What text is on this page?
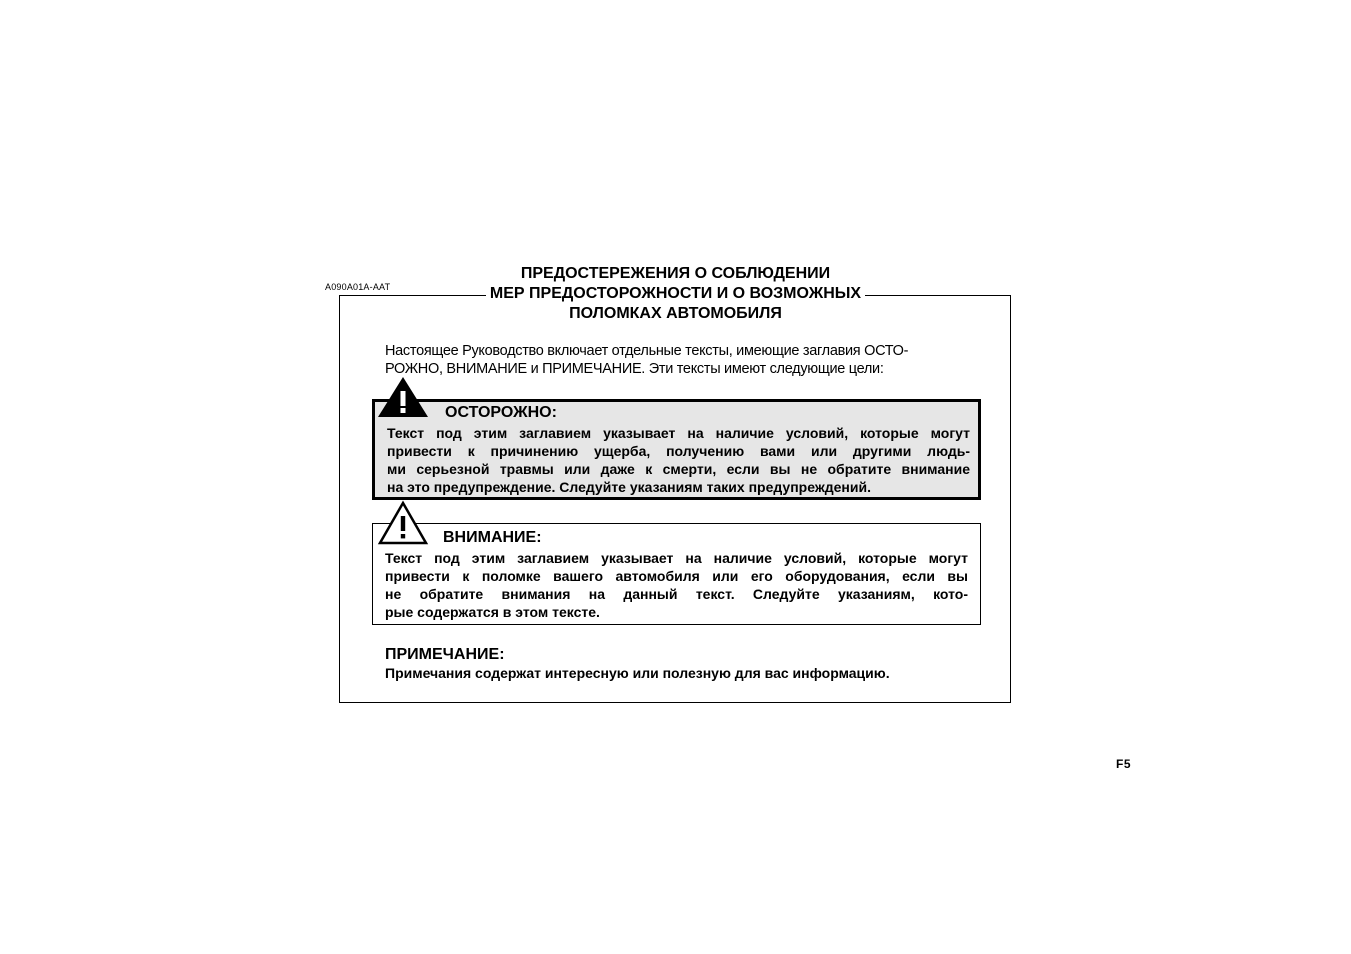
A090A01A-AAT
ПРЕДОСТЕРЕЖЕНИЯ О СОБЛЮДЕНИИ
МЕР ПРЕДОСТОРОЖНОСТИ И О ВОЗМОЖНЫХ
ПОЛОМКАХ АВТОМОБИЛЯ
Настоящее Руководство включает отдельные тексты, имеющие заглавия ОСТО-
РОЖНО, ВНИМАНИЕ и ПРИМЕЧАНИЕ. Эти тексты имеют следующие цели:
ОСТОРОЖНО:
Текст под этим заглавием указывает на наличие условий, которые могут
привести к причинению ущерба, получению вами или другими людь-
ми серьезной травмы или даже к смерти, если вы не обратите внимание
на это предупреждение. Следуйте указаниям таких предупреждений.
ВНИМАНИЕ:
Текст под этим заглавием указывает на наличие условий, которые могут
привести к поломке вашего автомобиля или его оборудования, если вы
не обратите внимания на данный текст. Следуйте указаниям, кото-
рые содержатся в этом тексте.
ПРИМЕЧАНИЕ:
Примечания содержат интересную или полезную для вас информацию.
F5
